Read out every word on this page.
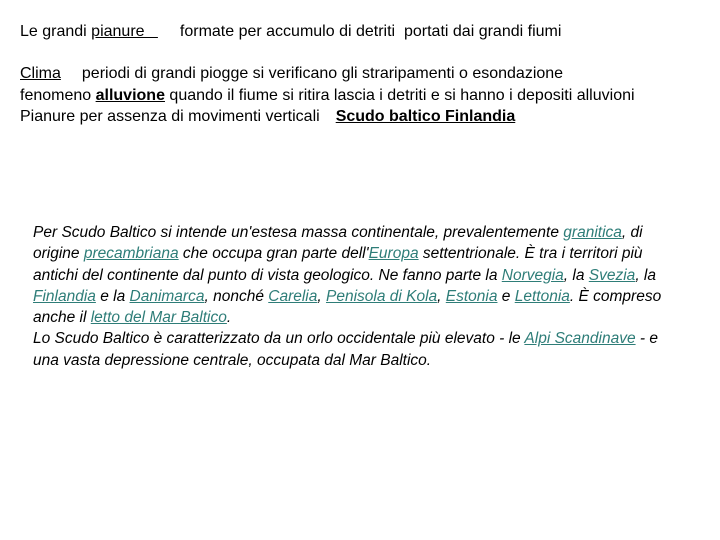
Le grandi pianure   formate per accumulo di detriti  portati dai grandi fiumi
Clima periodi di grandi piogge si verificano gli straripamenti o esondazione
fenomeno alluvione quando il fiume si ritira lascia i detriti e si hanno i depositi alluvioni
Pianure per assenza di movimenti verticali Scudo baltico Finlandia
Per Scudo Baltico si intende un'estesa massa continentale, prevalentemente granitica, di origine precambriana che occupa gran parte dell'Europa settentrionale. È tra i territori più antichi del continente dal punto di vista geologico. Ne fanno parte la Norvegia, la Svezia, la Finlandia e la Danimarca, nonché Carelia, Penisola di Kola, Estonia e Lettonia. È compreso anche il letto del Mar Baltico.
Lo Scudo Baltico è caratterizzato da un orlo occidentale più elevato - le Alpi Scandinave - e una vasta depressione centrale, occupata dal Mar Baltico.
